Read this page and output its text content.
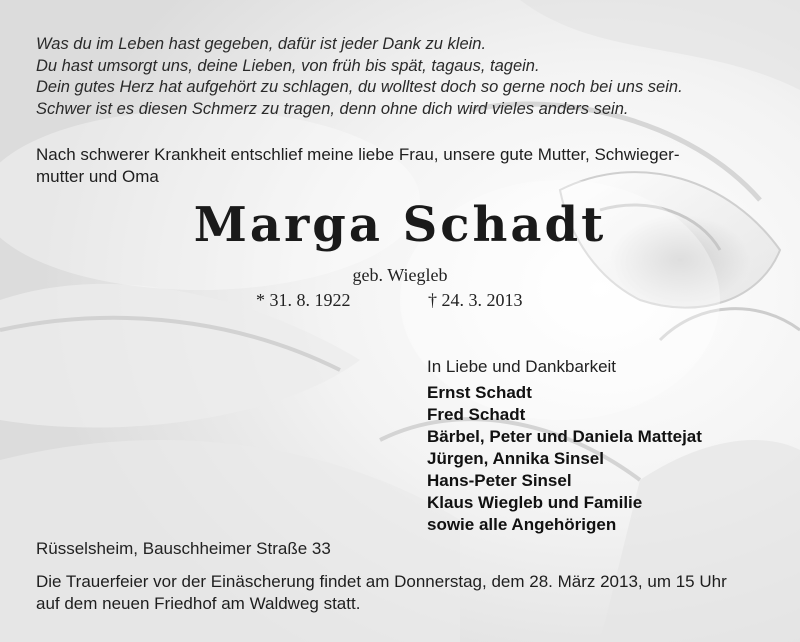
Was du im Leben hast gegeben, dafür ist jeder Dank zu klein.
Du hast umsorgt uns, deine Lieben, von früh bis spät, tagaus, tagein.
Dein gutes Herz hat aufgehört zu schlagen, du wolltest doch so gerne noch bei uns sein.
Schwer ist es diesen Schmerz zu tragen, denn ohne dich wird vieles anders sein.
Nach schwerer Krankheit entschlief meine liebe Frau, unsere gute Mutter, Schwieger-
mutter und Oma
Marga Schadt
geb. Wiegleb
* 31. 8. 1922	† 24. 3. 2013
In Liebe und Dankbarkeit
Ernst Schadt
Fred Schadt
Bärbel, Peter und Daniela Mattejat
Jürgen, Annika Sinsel
Hans-Peter Sinsel
Klaus Wiegleb und Familie
sowie alle Angehörigen
Rüsselsheim, Bauschheimer Straße 33
Die Trauerfeier vor der Einäscherung findet am Donnerstag, dem 28. März 2013, um 15 Uhr
auf dem neuen Friedhof am Waldweg statt.
